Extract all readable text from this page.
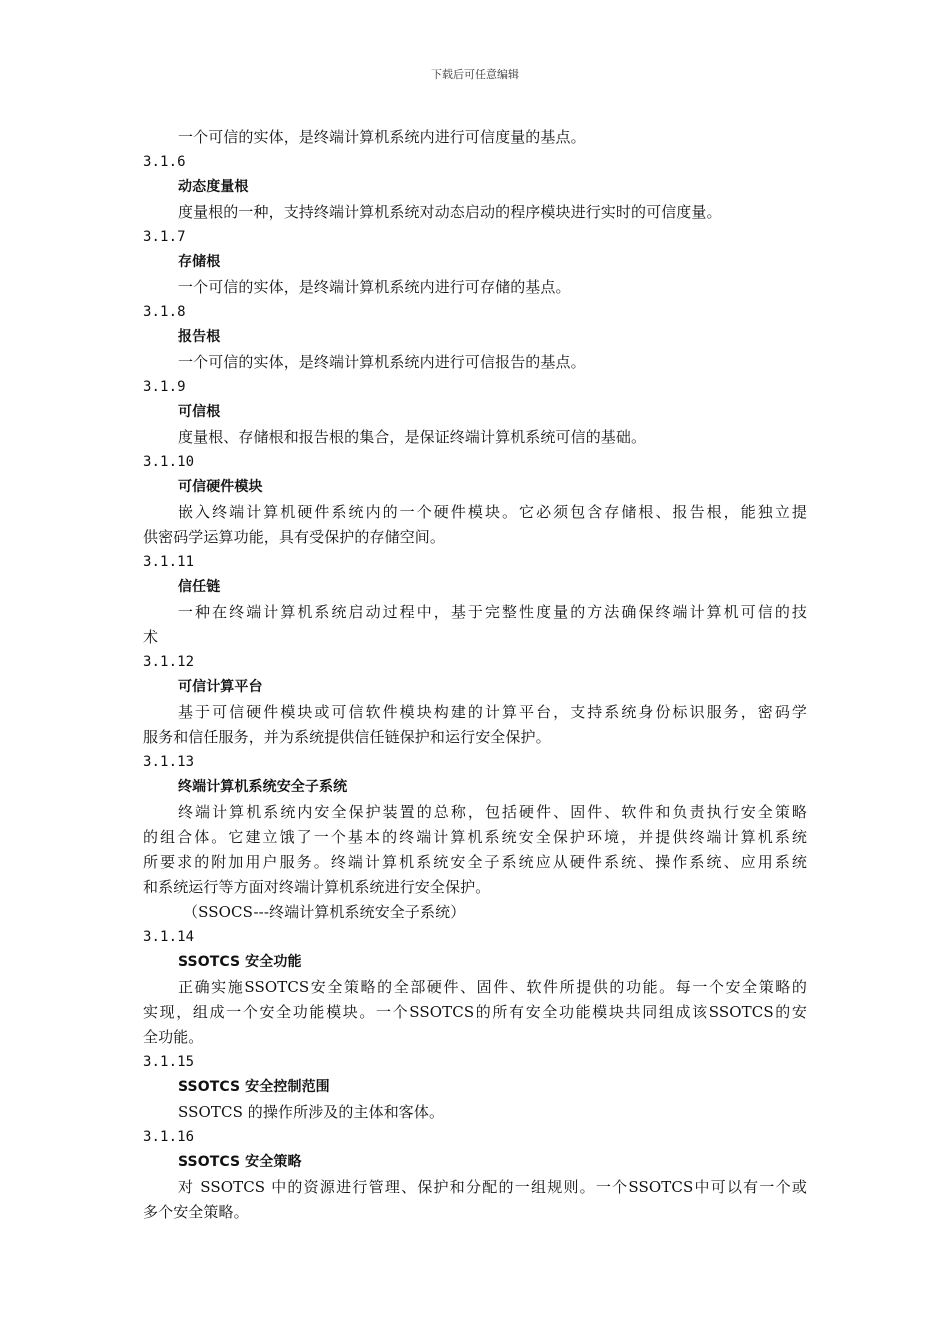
下载后可任意编辑
一个可信的实体，是终端计算机系统内进行可信度量的基点。
3.1.6
动态度量根
度量根的一种，支持终端计算机系统对动态启动的程序模块进行实时的可信度量。
3.1.7
存储根
一个可信的实体，是终端计算机系统内进行可存储的基点。
3.1.8
报告根
一个可信的实体，是终端计算机系统内进行可信报告的基点。
3.1.9
可信根
度量根、存储根和报告根的集合，是保证终端计算机系统可信的基础。
3.1.10
可信硬件模块
嵌入终端计算机硬件系统内的一个硬件模块。它必须包含存储根、报告根，能独立提
供密码学运算功能，具有受保护的存储空间。
3.1.11
信任链
一种在终端计算机系统启动过程中，基于完整性度量的方法确保终端计算机可信的技
术
3.1.12
可信计算平台
基于可信硬件模块或可信软件模块构建的计算平台，支持系统身份标识服务，密码学
服务和信任服务，并为系统提供信任链保护和运行安全保护。
3.1.13
终端计算机系统安全子系统
终端计算机系统内安全保护装置的总称，包括硬件、固件、软件和负责执行安全策略
的组合体。它建立饿了一个基本的终端计算机系统安全保护环境，并提供终端计算机系统
所要求的附加用户服务。终端计算机系统安全子系统应从硬件系统、操作系统、应用系统
和系统运行等方面对终端计算机系统进行安全保护。
（SSOCS---终端计算机系统安全子系统）
3.1.14
SSOTCS 安全功能
正确实施SSOTCS安全策略的全部硬件、固件、软件所提供的功能。每一个安全策略的
实现，组成一个安全功能模块。一个SSOTCS的所有安全功能模块共同组成该SSOTCS的安
全功能。
3.1.15
SSOTCS 安全控制范围
SSOTCS 的操作所涉及的主体和客体。
3.1.16
SSOTCS 安全策略
对 SSOTCS 中的资源进行管理、保护和分配的一组规则。一个SSOTCS中可以有一个或
多个安全策略。
